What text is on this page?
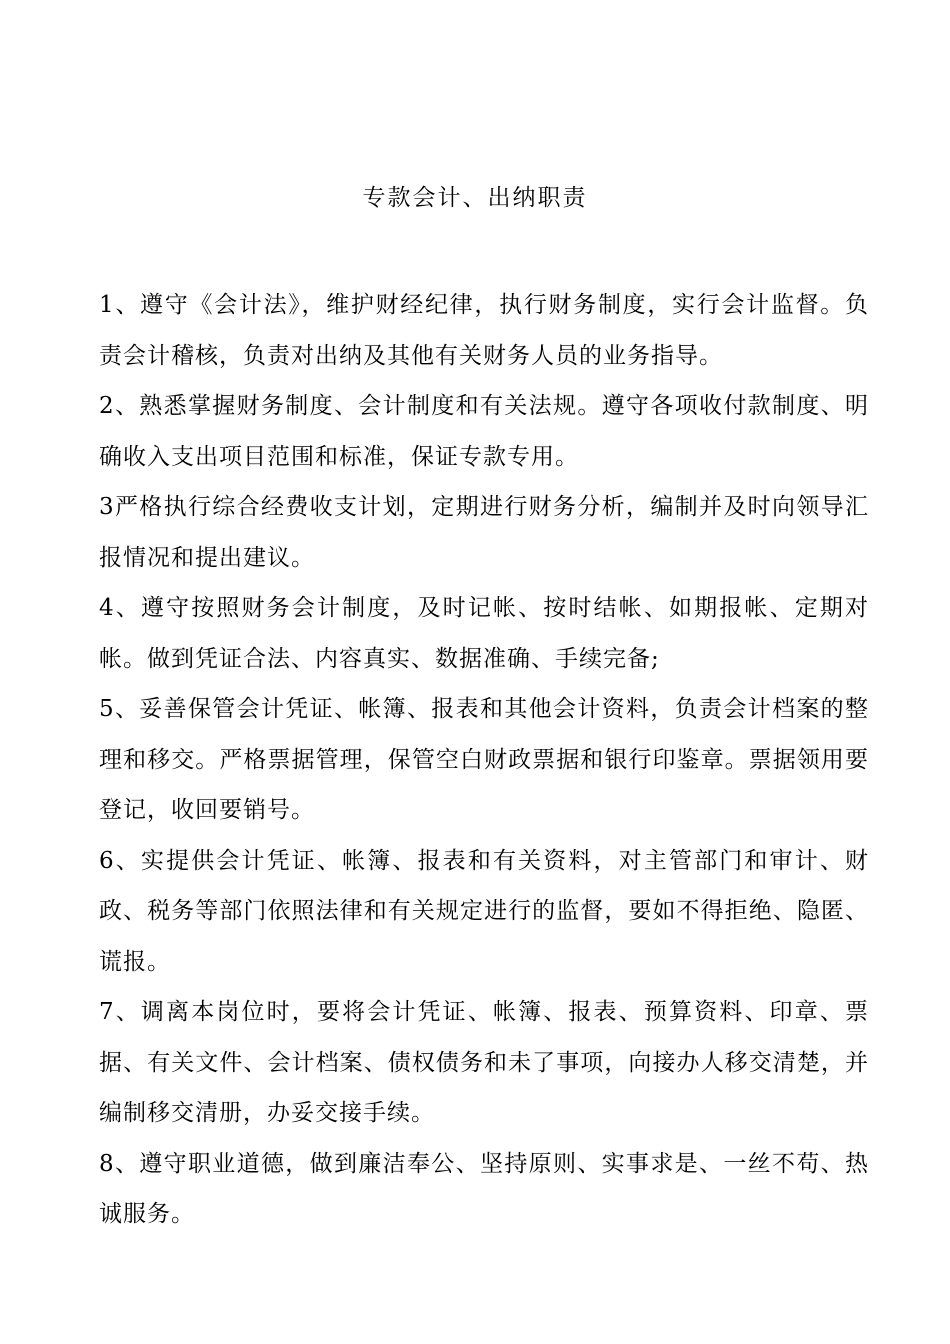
专款会计、出纳职责

1、遵守《会计法》，维护财经纪律，执行财务制度，实行会计监督。负责会计稽核，负责对出纳及其他有关财务人员的业务指导。

2、熟悉掌握财务制度、会计制度和有关法规。遵守各项收付款制度、明确收入支出项目范围和标准，保证专款专用。

3严格执行综合经费收支计划，定期进行财务分析，编制并及时向领导汇报情况和提出建议。

4、遵守按照财务会计制度，及时记帐、按时结帐、如期报帐、定期对帐。做到凭证合法、内容真实、数据准确、手续完备;

5、妥善保管会计凭证、帐簿、报表和其他会计资料，负责会计档案的整理和移交。严格票据管理，保管空白财政票据和银行印鉴章。票据领用要登记，收回要销号。

6、实提供会计凭证、帐簿、报表和有关资料，对主管部门和审计、财政、税务等部门依照法律和有关规定进行的监督，要如不得拒绝、隐匿、谎报。

7、调离本岗位时，要将会计凭证、帐簿、报表、预算资料、印章、票据、有关文件、会计档案、债权债务和未了事项，向接办人移交清楚，并编制移交清册，办妥交接手续。

8、遵守职业道德，做到廉洁奉公、坚持原则、实事求是、一丝不苟、热诚服务。
